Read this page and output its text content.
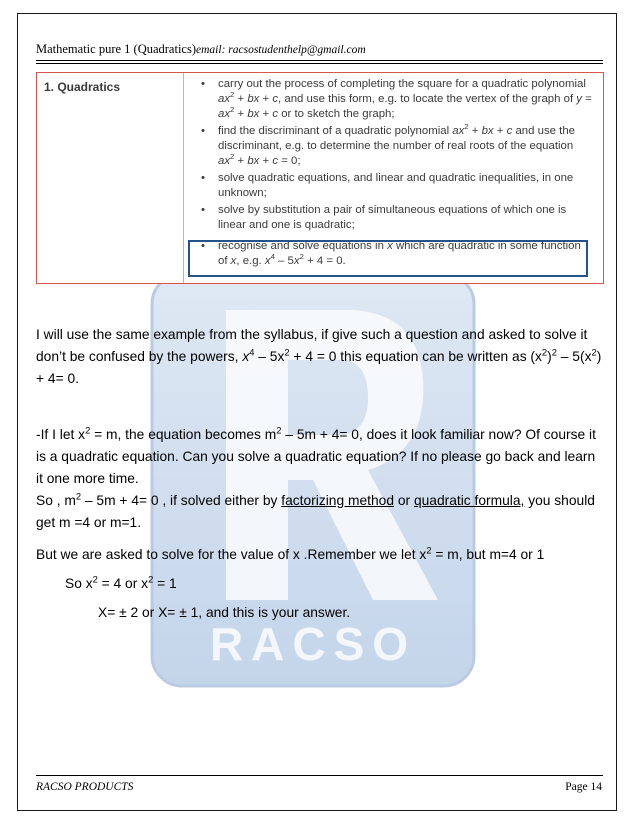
RACSO
Mathematic pure 1 (Quadratics)email: racsostudenthelp@gmail.com
1. Quadratics	• carry out the process of completing the square for a quadratic polynomial $ax^2$ + bx + c, and use this form, e.g. to locate the vertex of the graph of $y = ax^2$ + bx + c or to sketch the graph;
• find the discriminant of a quadratic polynomial $ax^2$ + bx + c and use the discriminant, e.g. to determine the number of real roots of the equation $ax^2$ + bx + c = 0;
• solve quadratic equations, and linear and quadratic inequalities, in one unknown;
• solve by substitution a pair of simultaneous equations of which one is linear and one is quadratic;
• recognise and solve equations in x which are quadratic in some function of x, e.g. $x^4 - 5x^2 + 4 = 0$.
I will use the same example from the syllabus, if give such a question and asked to solve it don’t be confused by the powers, $x^4 - 5x^2 + 4 = 0$ this equation can be written as $(x^2)^2 - 5(x^2) + 4= 0$.
-If I let $x^2 = m$, the equation becomes $m^2 - 5m + 4= 0$, does it look familiar now? Of course it is a quadratic equation. Can you solve a quadratic equation? If no please go back and learn it one more time.
So , $m^2 - 5m + 4= 0$ , if solved either by factorizing method or quadratic formula, you should get m =4 or m=1.
But we are asked to solve for the value of x .Remember we let $x^2 = m$, but m=4 or 1
So $x^2 = 4$ or $x^2 = 1$
X= ± 2 or X= ± 1, and this is your answer.
RACSO PRODUCTS	Page 14
